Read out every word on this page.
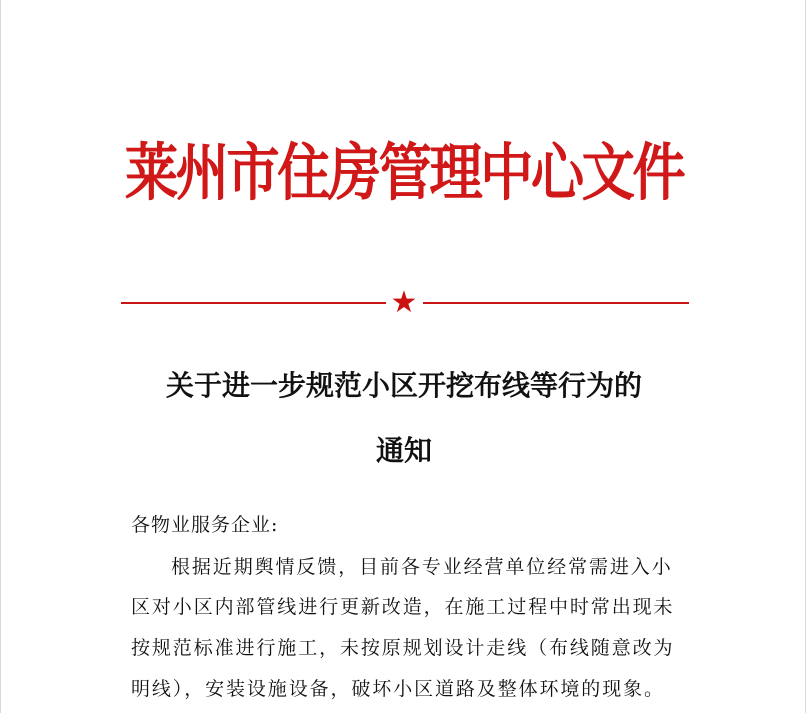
莱州市住房管理中心文件
★
关于进一步规范小区开挖布线等行为的
通知
各物业服务企业:
根据近期舆情反馈，目前各专业经营单位经常需进入小
区对小区内部管线进行更新改造，在施工过程中时常出现未
按规范标准进行施工，未按原规划设计走线（布线随意改为
明线），安装设施设备，破坏小区道路及整体环境的现象。
